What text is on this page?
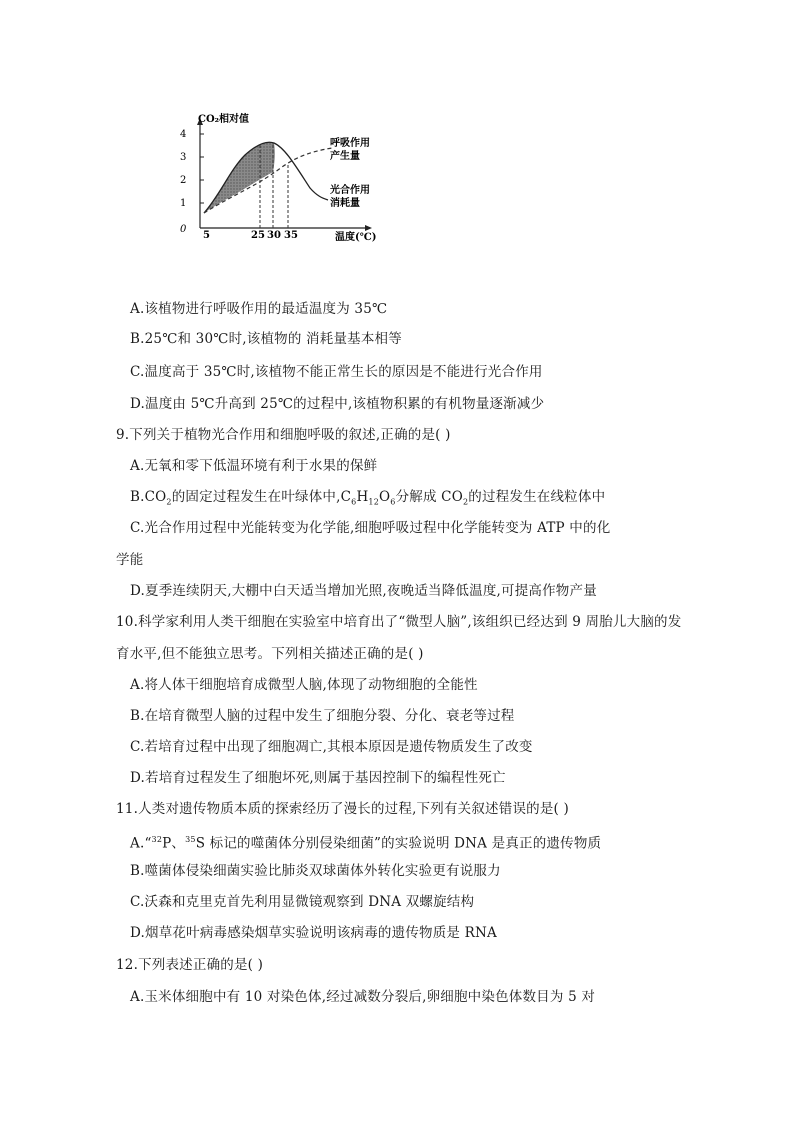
CO₂相对值
4
3
2
1
0
5	25 30 35	温度(℃)
呼吸作用
产生量
光合作用
消耗量
A.该植物进行呼吸作用的最适温度为 35℃
B.25℃和 30℃时,该植物的 消耗量基本相等
C.温度高于 35℃时,该植物不能正常生长的原因是不能进行光合作用
D.温度由 5℃升高到 25℃的过程中,该植物积累的有机物量逐渐减少
9.下列关于植物光合作用和细胞呼吸的叙述,正确的是( )
A.无氧和零下低温环境有利于水果的保鲜
$B.CO_2$的固定过程发生在叶绿体中$,C_6H_{12}O_6$分解成 $CO_2$的过程发生在线粒体中
C.光合作用过程中光能转变为化学能,细胞呼吸过程中化学能转变为 ATP 中的化
学能
D.夏季连续阴天,大棚中白天适当增加光照,夜晚适当降低温度,可提高作物产量
10.科学家利用人类干细胞在实验室中培育出了“微型人脑”,该组织已经达到 9 周胎儿大脑的发
育水平,但不能独立思考。下列相关描述正确的是( )
A.将人体干细胞培育成微型人脑,体现了动物细胞的全能性
B.在培育微型人脑的过程中发生了细胞分裂、分化、衰老等过程
C.若培育过程中出现了细胞凋亡,其根本原因是遗传物质发生了改变
D.若培育过程发生了细胞坏死,则属于基因控制下的编程性死亡
11.人类对遗传物质本质的探索经历了漫长的过程,下列有关叙述错误的是( )
A.“$^{32}$P、$^{35}$S 标记的噬菌体分别侵染细菌”的实验说明 DNA 是真正的遗传物质
B.噬菌体侵染细菌实验比肺炎双球菌体外转化实验更有说服力
C.沃森和克里克首先利用显微镜观察到 DNA 双螺旋结构
D.烟草花叶病毒感染烟草实验说明该病毒的遗传物质是 RNA
12.下列表述正确的是( )
A.玉米体细胞中有 10 对染色体,经过减数分裂后,卵细胞中染色体数目为 5 对
